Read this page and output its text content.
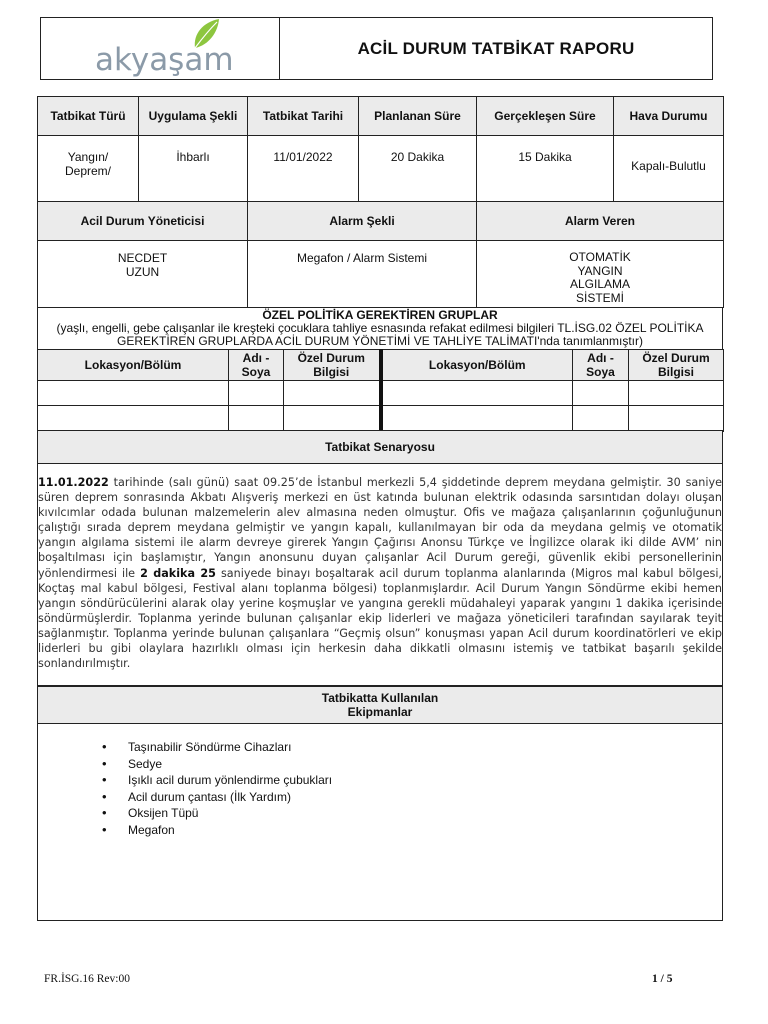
akyaşam	ACİL DURUM TATBİKAT RAPORU
Tatbikat Türü	Uygulama Şekli	Tatbikat Tarihi	Planlanan Süre	Gerçekleşen Süre	Hava Durumu
Yangın/ Deprem/	İhbarlı	11/01/2022	20 Dakika	15 Dakika	Kapalı-Bulutlu
Acil Durum Yöneticisi	Alarm Şekli	Alarm Veren
NECDET UZUN	Megafon / Alarm Sistemi	OTOMATİK YANGIN ALGILAMA SİSTEMİ
ÖZEL POLİTİKA GEREKTİREN GRUPLAR
(yaşlı, engelli, gebe çalışanlar ile kreşteki çocuklara tahliye esnasında refakat edilmesi bilgileri TL.İSG.02 ÖZEL POLİTİKA GEREKTİREN GRUPLARDA ACİL DURUM YÖNETİMİ VE TAHLİYE TALİMATI'nda tanımlanmıştır)
Lokasyon/Bölüm	Adı - Soya	Özel Durum Bilgisi	Lokasyon/Bölüm	Adı - Soya	Özel Durum Bilgisi

Tatbikat Senaryosu
11.01.2022 tarihinde (salı günü) saat 09.25’de İstanbul merkezli 5,4 şiddetinde deprem meydana gelmiştir. 30 saniye süren deprem sonrasında Akbatı Alışveriş merkezi en üst katında bulunan elektrik odasında sarsıntıdan dolayı oluşan kıvılcımlar odada bulunan malzemelerin alev almasına neden olmuştur. Ofis ve mağaza çalışanlarının çoğunluğunun çalıştığı sırada deprem meydana gelmiştir ve yangın kapalı, kullanılmayan bir oda da meydana gelmiş ve otomatik yangın algılama sistemi ile alarm devreye girerek Yangın Çağırısı Anonsu Türkçe ve İngilizce olarak iki dilde AVM’ nin boşaltılması için başlamıştır, Yangın anonsunu duyan çalışanlar Acil Durum gereği, güvenlik ekibi personellerinin yönlendirmesi ile 2 dakika 25 saniyede binayı boşaltarak acil durum toplanma alanlarında (Migros mal kabul bölgesi, Koçtaş mal kabul bölgesi, Festival alanı toplanma bölgesi) toplanmışlardır. Acil Durum Yangın Söndürme ekibi hemen yangın söndürücülerini alarak olay yerine koşmuşlar ve yangına gerekli müdahaleyi yaparak yangını 1 dakika içerisinde söndürmüşlerdir. Toplanma yerinde bulunan çalışanlar ekip liderleri ve mağaza yöneticileri tarafından sayılarak teyit sağlanmıştır. Toplanma yerinde bulunan çalışanlara “Geçmiş olsun” konuşması yapan Acil durum koordinatörleri ve ekip liderleri bu gibi olaylara hazırlıklı olması için herkesin daha dikkatli olmasını istemiş ve tatbikat başarılı şekilde sonlandırılmıştır.
Tatbikatta Kullanılan Ekipmanlar
• Taşınabilir Söndürme Cihazları
• Sedye
• Işıklı acil durum yönlendirme çubukları
• Acil durum çantası (İlk Yardım)
• Oksijen Tüpü
• Megafon
FR.İSG.16 Rev:00	1 / 5
